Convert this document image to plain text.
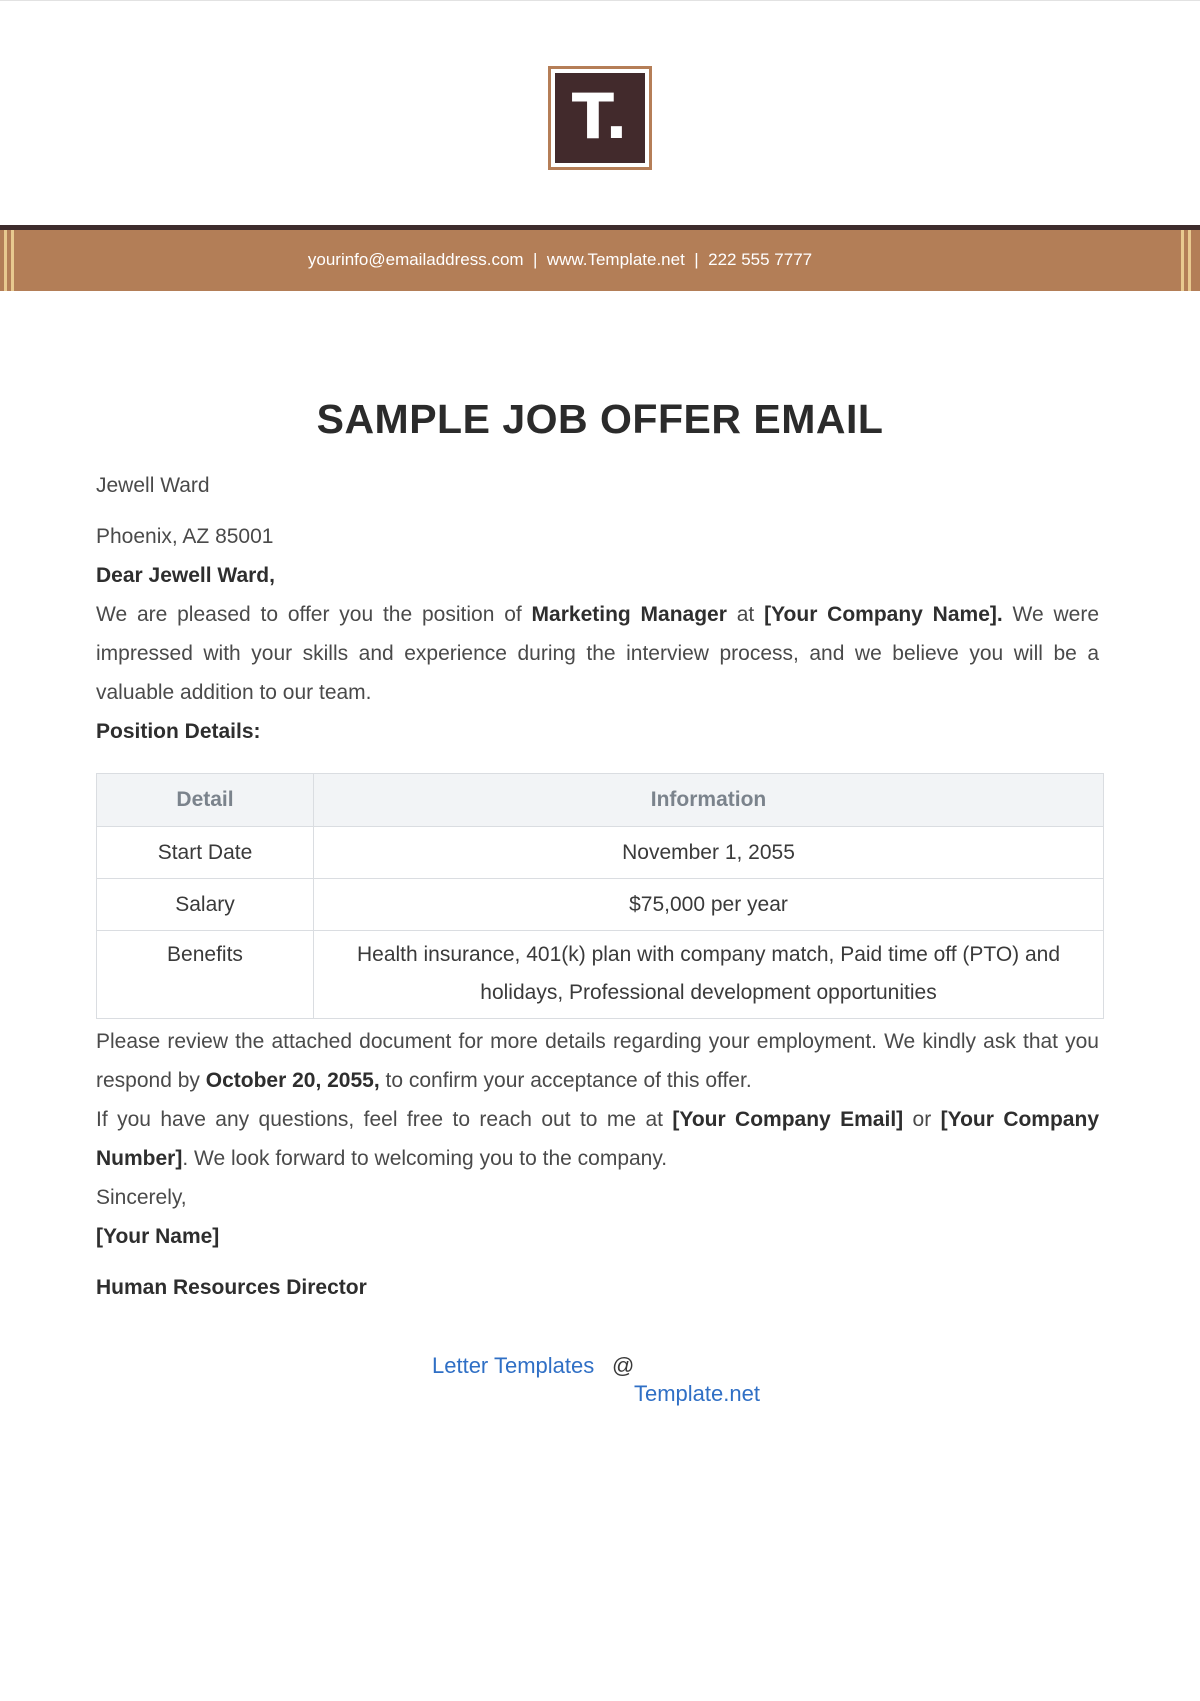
T.
yourinfo@emailaddress.com  |  www.Template.net  |  222 555 7777
SAMPLE JOB OFFER EMAIL
Jewell Ward
Phoenix, AZ 85001
Dear Jewell Ward,

We are pleased to offer you the position of Marketing Manager at [Your Company Name]. We were impressed with your skills and experience during the interview process, and we believe you will be a valuable addition to our team.

Position Details:
Detail	Information
Start Date	November 1, 2055
Salary	$75,000 per year
Benefits	Health insurance, 401(k) plan with company match, Paid time off (PTO) and holidays, Professional development opportunities

Please review the attached document for more details regarding your employment. We kindly ask that you respond by October 20, 2055, to confirm your acceptance of this offer.

If you have any questions, feel free to reach out to me at [Your Company Email] or [Your Company Number]. We look forward to welcoming you to the company.

Sincerely,
[Your Name]
Human Resources Director
Letter Templates @
Template.net
